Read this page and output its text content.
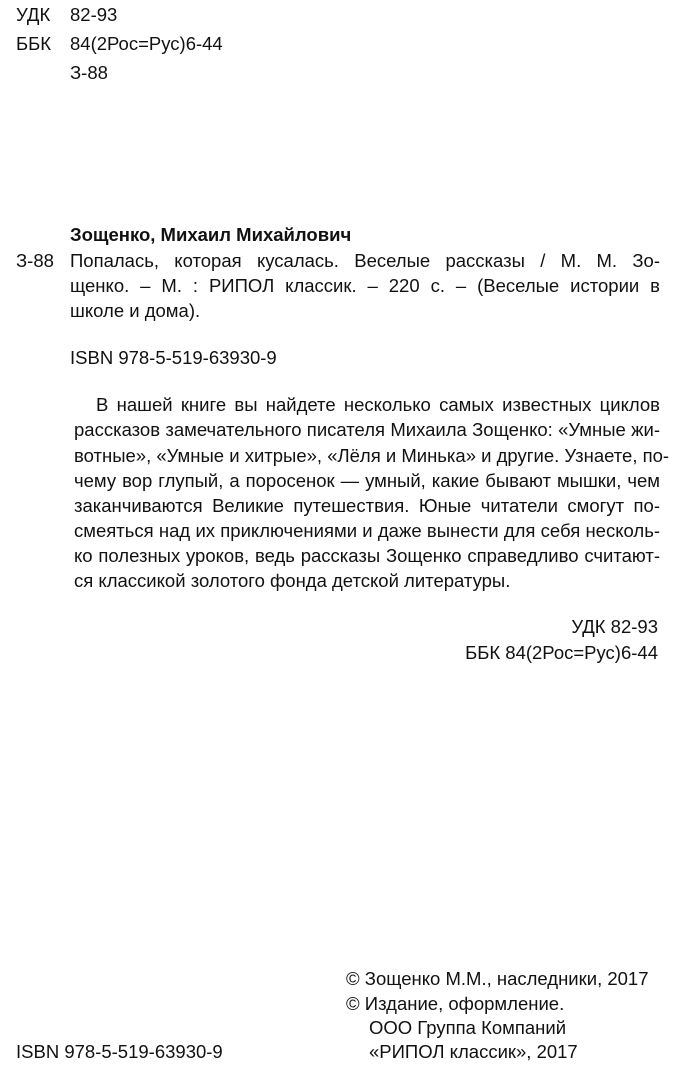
УДК 82-93
ББК 84(2Рос=Рус)6-44
З-88
Зощенко, Михаил Михайлович
З-88 Попалась, которая кусалась. Веселые рассказы / М. М. Зо-
щенко. – М. : РИПОЛ классик. – 220 с. – (Веселые истории в
школе и дома).
ISBN 978-5-519-63930-9
В нашей книге вы найдете несколько самых известных циклов
рассказов замечательного писателя Михаила Зощенко: «Умные жи-
вотные», «Умные и хитрые», «Лёля и Минька» и другие. Узнаете, по-
чему вор глупый, а поросенок — умный, какие бывают мышки, чем
заканчиваются Великие путешествия. Юные читатели смогут по-
смеяться над их приключениями и даже вынести для себя несколь-
ко полезных уроков, ведь рассказы Зощенко справедливо считают-
ся классикой золотого фонда детской литературы.
УДК 82-93
ББК 84(2Рос=Рус)6-44
© Зощенко М.М., наследники, 2017
© Издание, оформление.
ООО Группа Компаний
«РИПОЛ классик», 2017
ISBN 978-5-519-63930-9
